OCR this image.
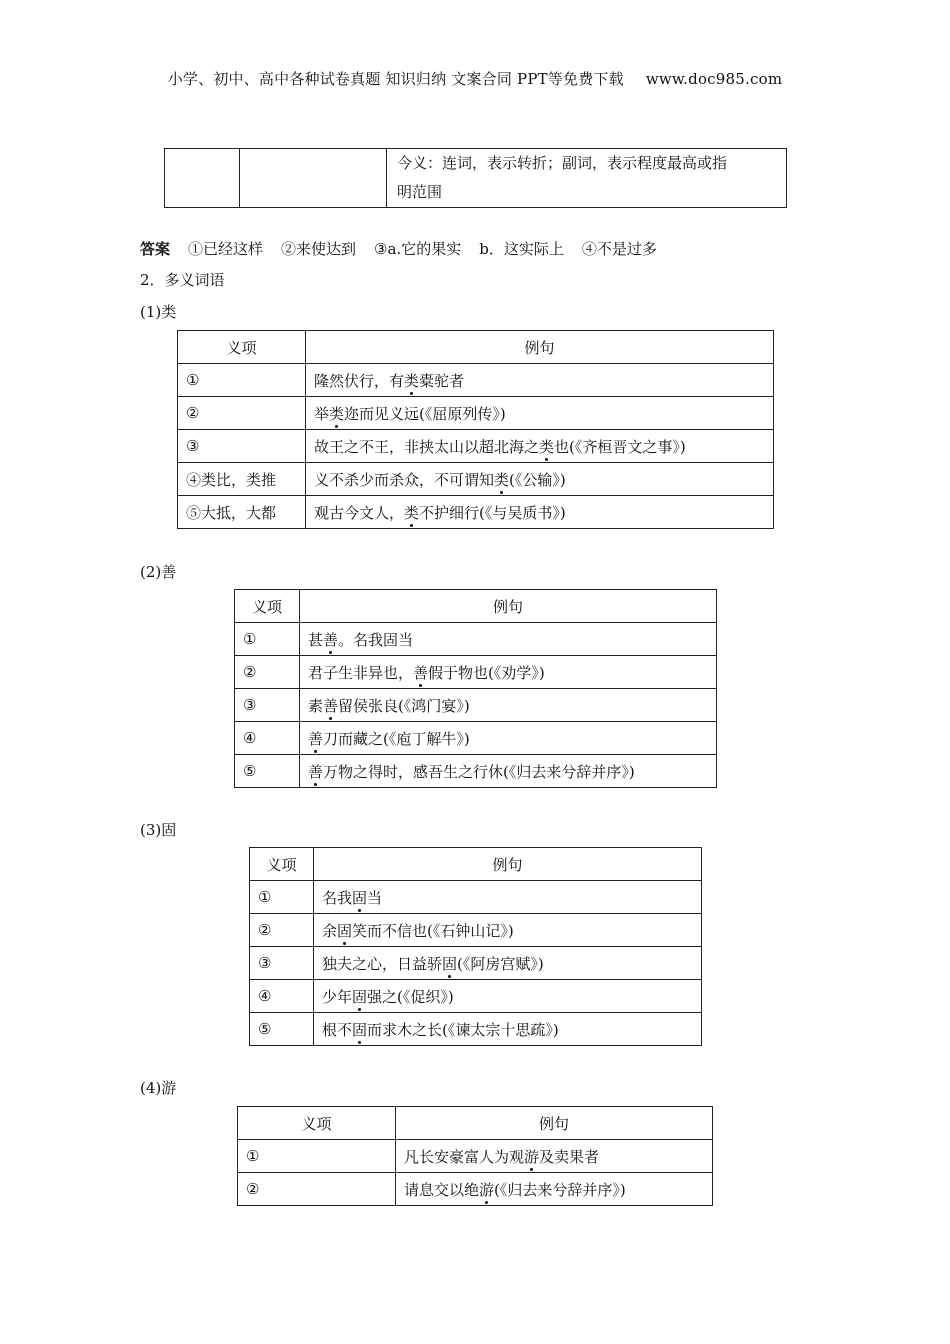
小学、初中、高中各种试卷真题 知识归纳 文案合同 PPT等免费下载 www.doc985.com
		今义：连词，表示转折；副词，表示程度最高或指
明范围
答案 ①已经这样 ②来使达到 ③a.它的果实 b．这实际上 ④不是过多
2．多义词语
(1)类
义项	例句
①	隆然伏行，有类橐驼者
②	举类迩而见义远(《屈原列传》)
③	故王之不王，非挟太山以超北海之类也(《齐桓晋文之事》)
④类比，类推	义不杀少而杀众，不可谓知类(《公输》)
⑤大抵，大都	观古今文人，类不护细行(《与吴质书》)
(2)善
义项	例句
①	甚善。名我固当
②	君子生非异也，善假于物也(《劝学》)
③	素善留侯张良(《鸿门宴》)
④	善刀而藏之(《庖丁解牛》)
⑤	善万物之得时，感吾生之行休(《归去来兮辞并序》)
(3)固
义项	例句
①	名我固当
②	余固笑而不信也(《石钟山记》)
③	独夫之心，日益骄固(《阿房宫赋》)
④	少年固强之(《促织》)
⑤	根不固而求木之长(《谏太宗十思疏》)
(4)游
义项	例句
①	凡长安豪富人为观游及卖果者
②	请息交以绝游(《归去来兮辞并序》)
